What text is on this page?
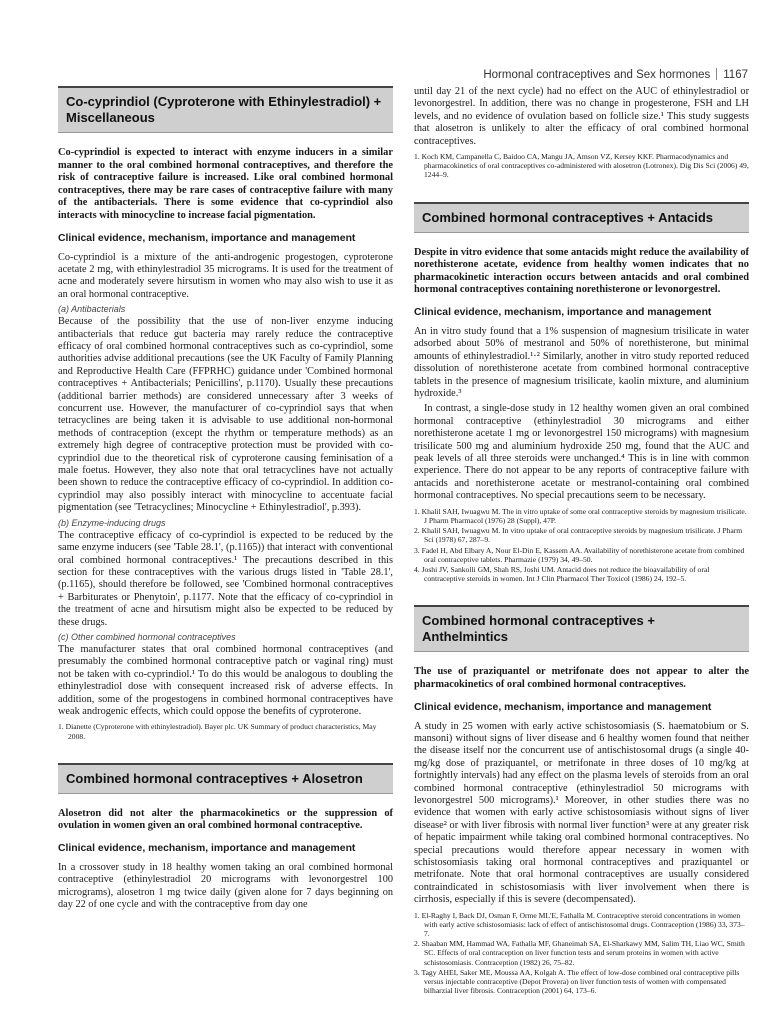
Hormonal contraceptives and Sex hormones 1167
Co-cyprindiol (Cyproterone with Ethinylestradiol) + Miscellaneous

Co-cyprindiol is expected to interact with enzyme inducers in a similar manner to the oral combined hormonal contraceptives, and therefore the risk of contraceptive failure is increased. Like oral combined hormonal contraceptives, there may be rare cases of contraceptive failure with many of the antibacterials. There is some evidence that co-cyprindiol also interacts with minocycline to increase facial pigmentation.

Clinical evidence, mechanism, importance and management

Co-cyprindiol is a mixture of the anti-androgenic progestogen, cyproterone acetate 2 mg, with ethinylestradiol 35 micrograms. It is used for the treatment of acne and moderately severe hirsutism in women who may also wish to use it as an oral hormonal contraceptive.

(a) Antibacterials

Because of the possibility that the use of non-liver enzyme inducing antibacterials that reduce gut bacteria may rarely reduce the contraceptive efficacy of oral combined hormonal contraceptives such as co-cyprindiol, some authorities advise additional precautions (see the UK Faculty of Family Planning and Reproductive Health Care (FFPRHC) guidance under 'Combined hormonal contraceptives + Antibacterials; Penicillins', p.1170). Usually these precautions (additional barrier methods) are considered unnecessary after 3 weeks of concurrent use. However, the manufacturer of co-cyprindiol says that when tetracyclines are being taken it is advisable to use additional non-hormonal methods of contraception (except the rhythm or temperature methods) as an extremely high degree of contraceptive protection must be provided with co-cyprindiol due to the theoretical risk of cyproterone causing feminisation of a male foetus. However, they also note that oral tetracyclines have not actually been shown to reduce the contraceptive efficacy of co-cyprindiol. In addition co-cyprindiol may also possibly interact with minocycline to accentuate facial pigmentation (see 'Tetracyclines; Minocycline + Ethinylestradiol', p.393).

(b) Enzyme-inducing drugs

The contraceptive efficacy of co-cyprindiol is expected to be reduced by the same enzyme inducers (see 'Table 28.1', (p.1165)) that interact with conventional oral combined hormonal contraceptives.¹ The precautions described in this section for these contraceptives with the various drugs listed in 'Table 28.1', (p.1165), should therefore be followed, see 'Combined hormonal contraceptives + Barbiturates or Phenytoin', p.1177. Note that the efficacy of co-cyprindiol in the treatment of acne and hirsutism might also be expected to be reduced by these drugs.

(c) Other combined hormonal contraceptives

The manufacturer states that oral combined hormonal contraceptives (and presumably the combined hormonal contraceptive patch or vaginal ring) must not be taken with co-cyprindiol.¹ To do this would be analogous to doubling the ethinylestradiol dose with consequent increased risk of adverse effects. In addition, some of the progestogens in combined hormonal contraceptives have weak androgenic effects, which could oppose the benefits of cyproterone.

1. Dianette (Cyproterone with ethinylestradiol). Bayer plc. UK Summary of product characteristics, May 2008.
Combined hormonal contraceptives + Alosetron

Alosetron did not alter the pharmacokinetics or the suppression of ovulation in women given an oral combined hormonal contraceptive.

Clinical evidence, mechanism, importance and management

In a crossover study in 18 healthy women taking an oral combined hormonal contraceptive (ethinylestradiol 20 micrograms with levonorgestrel 100 micrograms), alosetron 1 mg twice daily (given alone for 7 days beginning on day 22 of one cycle and with the contraceptive from day one

until day 21 of the next cycle) had no effect on the AUC of ethinylestradiol or levonorgestrel. In addition, there was no change in progesterone, FSH and LH levels, and no evidence of ovulation based on follicle size.¹ This study suggests that alosetron is unlikely to alter the efficacy of oral combined hormonal contraceptives.

1. Koch KM, Campanella C, Baidoo CA, Mangu JA, Amson VZ, Kersey KKF. Pharmacodynamics and pharmacokinetics of oral contraceptives co-administered with alosetron (Lotronex). Dig Dis Sci (2006) 49, 1244–9.
Combined hormonal contraceptives + Antacids

Despite in vitro evidence that some antacids might reduce the availability of norethisterone acetate, evidence from healthy women indicates that no pharmacokinetic interaction occurs between antacids and oral combined hormonal contraceptives containing norethisterone or levonorgestrel.

Clinical evidence, mechanism, importance and management

An in vitro study found that a 1% suspension of magnesium trisilicate in water adsorbed about 50% of mestranol and 50% of norethisterone, but minimal amounts of ethinylestradiol.¹·² Similarly, another in vitro study reported reduced dissolution of norethisterone acetate from combined hormonal contraceptive tablets in the presence of magnesium trisilicate, kaolin mixture, and aluminium hydroxide.³

In contrast, a single-dose study in 12 healthy women given an oral combined hormonal contraceptive (ethinylestradiol 30 micrograms and either norethisterone acetate 1 mg or levonorgestrel 150 micrograms) with magnesium trisilicate 500 mg and aluminium hydroxide 250 mg, found that the AUC and peak levels of all three steroids were unchanged.⁴ This is in line with common experience. There do not appear to be any reports of contraceptive failure with antacids and norethisterone acetate or mestranol-containing oral combined hormonal contraceptives. No special precautions seem to be necessary.

1. Khalil SAH, Iwuagwu M. The in vitro uptake of some oral contraceptive steroids by magnesium trisilicate. J Pharm Pharmacol (1976) 28 (Suppl), 47P.
2. Khalil SAH, Iwuagwu M. In vitro uptake of oral contraceptive steroids by magnesium trisilicate. J Pharm Sci (1978) 67, 287–9.
3. Fadel H, Abd Elbary A, Nour El-Din E, Kassem AA. Availability of norethisterone acetate from combined oral contraceptive tablets. Pharmazie (1979) 34, 49–50.
4. Joshi JV, Sankolli GM, Shah RS, Joshi UM. Antacid does not reduce the bioavailability of oral contraceptive steroids in women. Int J Clin Pharmacol Ther Toxicol (1986) 24, 192–5.
Combined hormonal contraceptives + Anthelmintics

The use of praziquantel or metrifonate does not appear to alter the pharmacokinetics of oral combined hormonal contraceptives.

Clinical evidence, mechanism, importance and management

A study in 25 women with early active schistosomiasis (S. haematobium or S. mansoni) without signs of liver disease and 6 healthy women found that neither the disease itself nor the concurrent use of antischistosomal drugs (a single 40-mg/kg dose of praziquantel, or metrifonate in three doses of 10 mg/kg at fortnightly intervals) had any effect on the plasma levels of steroids from an oral combined hormonal contraceptive (ethinylestradiol 50 micrograms with levonorgestrel 500 micrograms).¹ Moreover, in other studies there was no evidence that women with early active schistosomiasis without signs of liver disease² or with liver fibrosis with normal liver function³ were at any greater risk of hepatic impairment while taking oral combined hormonal contraceptives. No special precautions would therefore appear necessary in women with schistosomiasis taking oral hormonal contraceptives and praziquantel or metrifonate. Note that oral hormonal contraceptives are usually considered contraindicated in schistosomiasis with liver involvement when there is cirrhosis, especially if this is severe (decompensated).

1. El-Raghy I, Back DJ, Osman F, Orme ML'E, Fathalla M. Contraceptive steroid concentrations in women with early active schistosomiasis: lack of effect of antischistosomal drugs. Contraception (1986) 33, 373–7.
2. Shaaban MM, Hammad WA, Fathalla MF, Ghaneimah SA, El-Sharkawy MM, Salim TH, Liao WC, Smith SC. Effects of oral contraception on liver function tests and serum proteins in women with active schistosomiasis. Contraception (1982) 26, 75–82.
3. Tagy AHEI, Saker ME, Moussa AA, Kolgah A. The effect of low-dose combined oral contraceptive pills versus injectable contraceptive (Depot Provera) on liver function tests of women with compensated bilharzial liver fibrosis. Contraception (2001) 64, 173–6.
